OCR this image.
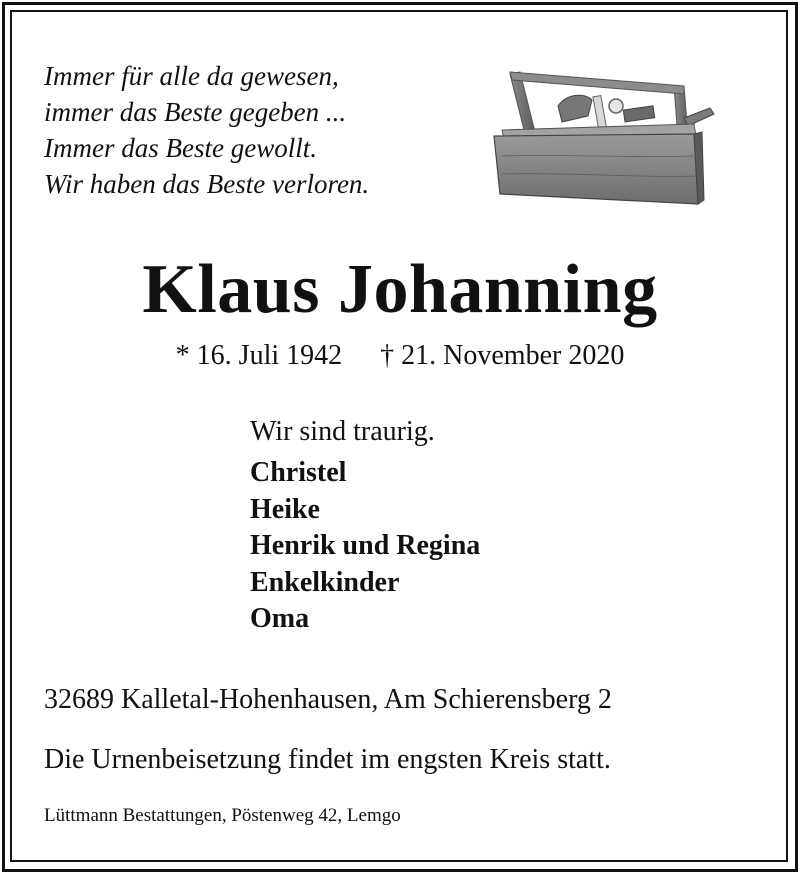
Immer für alle da gewesen,
immer das Beste gegeben ...
Immer das Beste gewollt.
Wir haben das Beste verloren.
Klaus Johanning
* 16. Juli 1942 † 21. November 2020
Wir sind traurig.
Christel
Heike
Henrik und Regina
Enkelkinder
Oma
32689 Kalletal-Hohenhausen, Am Schierensberg 2
Die Urnenbeisetzung findet im engsten Kreis statt.
Lüttmann Bestattungen, Pöstenweg 42, Lemgo
